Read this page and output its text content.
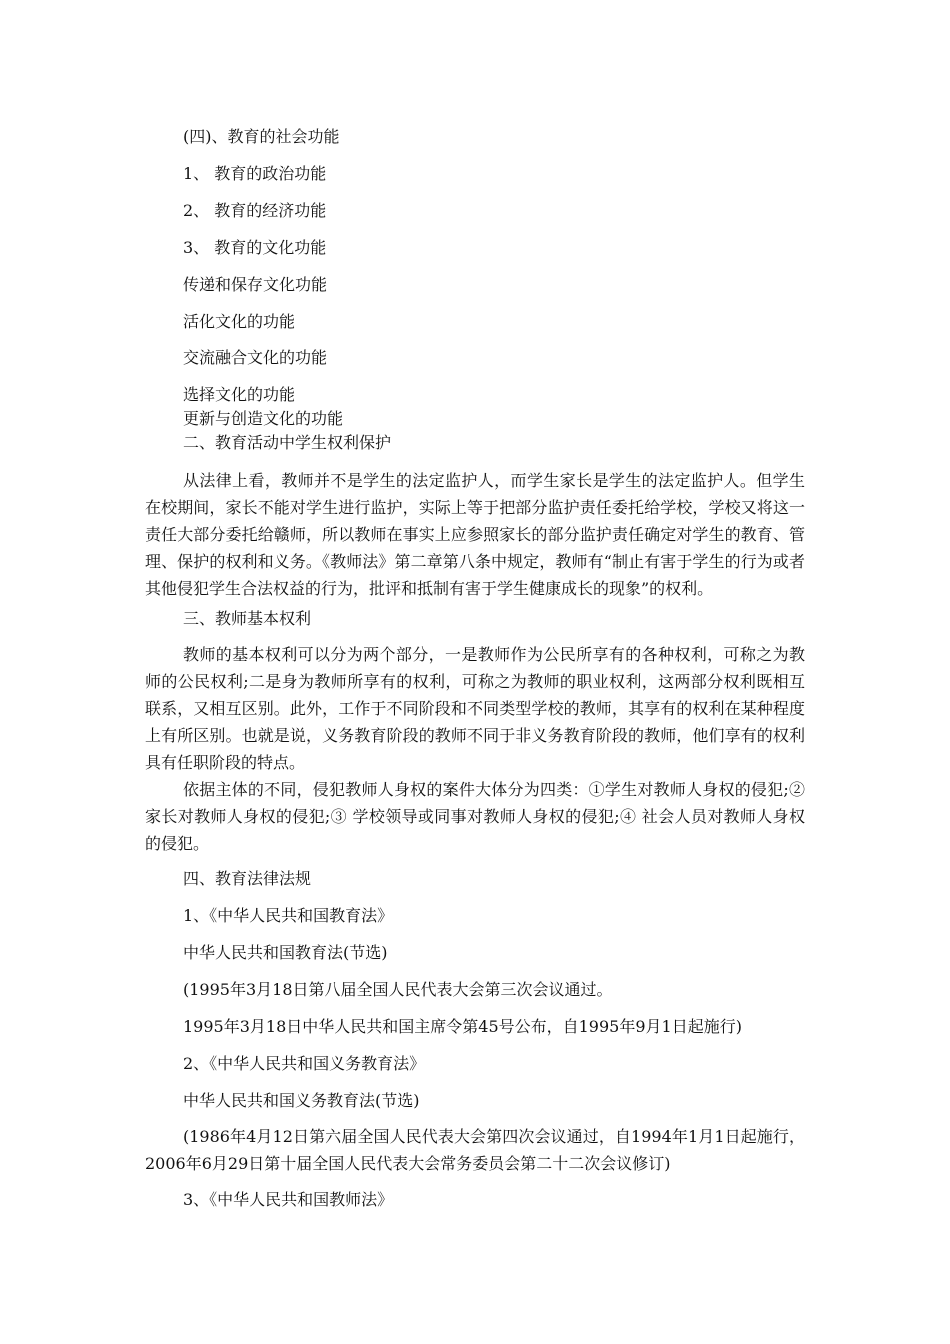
(四)、教育的社会功能

1、 教育的政治功能

2、 教育的经济功能

3、 教育的文化功能

传递和保存文化功能

活化文化的功能

交流融合文化的功能

选择文化的功能

更新与创造文化的功能

二、教育活动中学生权利保护

从法律上看，教师并不是学生的法定监护人，而学生家长是学生的法定监护人。但学生在校期间，家长不能对学生进行监护，实际上等于把部分监护责任委托给学校，学校又将这一责任大部分委托给赣师，所以教师在事实上应参照家长的部分监护责任确定对学生的教育、管理、保护的权利和义务。《教师法》第二章第八条中规定，教师有“制止有害于学生的行为或者其他侵犯学生合法权益的行为，批评和抵制有害于学生健康成长的现象”的权利。

三、教师基本权利

教师的基本权利可以分为两个部分，一是教师作为公民所享有的各种权利，可称之为教师的公民权利;二是身为教师所享有的权利，可称之为教师的职业权利，这两部分权利既相互联系，又相互区别。此外，工作于不同阶段和不同类型学校的教师，其享有的权利在某种程度上有所区别。也就是说，义务教育阶段的教师不同于非义务教育阶段的教师，他们享有的权利具有任职阶段的特点。

依据主体的不同，侵犯教师人身权的案件大体分为四类：①学生对教师人身权的侵犯;② 家长对教师人身权的侵犯;③ 学校领导或同事对教师人身权的侵犯;④ 社会人员对教师人身权的侵犯。

四、教育法律法规

1、《中华人民共和国教育法》

中华人民共和国教育法(节选)

(1995年3月18日第八届全国人民代表大会第三次会议通过。

1995年3月18日中华人民共和国主席令第45号公布，自1995年9月1日起施行)

2、《中华人民共和国义务教育法》

中华人民共和国义务教育法(节选)

(1986年4月12日第六届全国人民代表大会第四次会议通过，自1994年1月1日起施行， 2006年6月29日第十届全国人民代表大会常务委员会第二十二次会议修订)

3、《中华人民共和国教师法》
